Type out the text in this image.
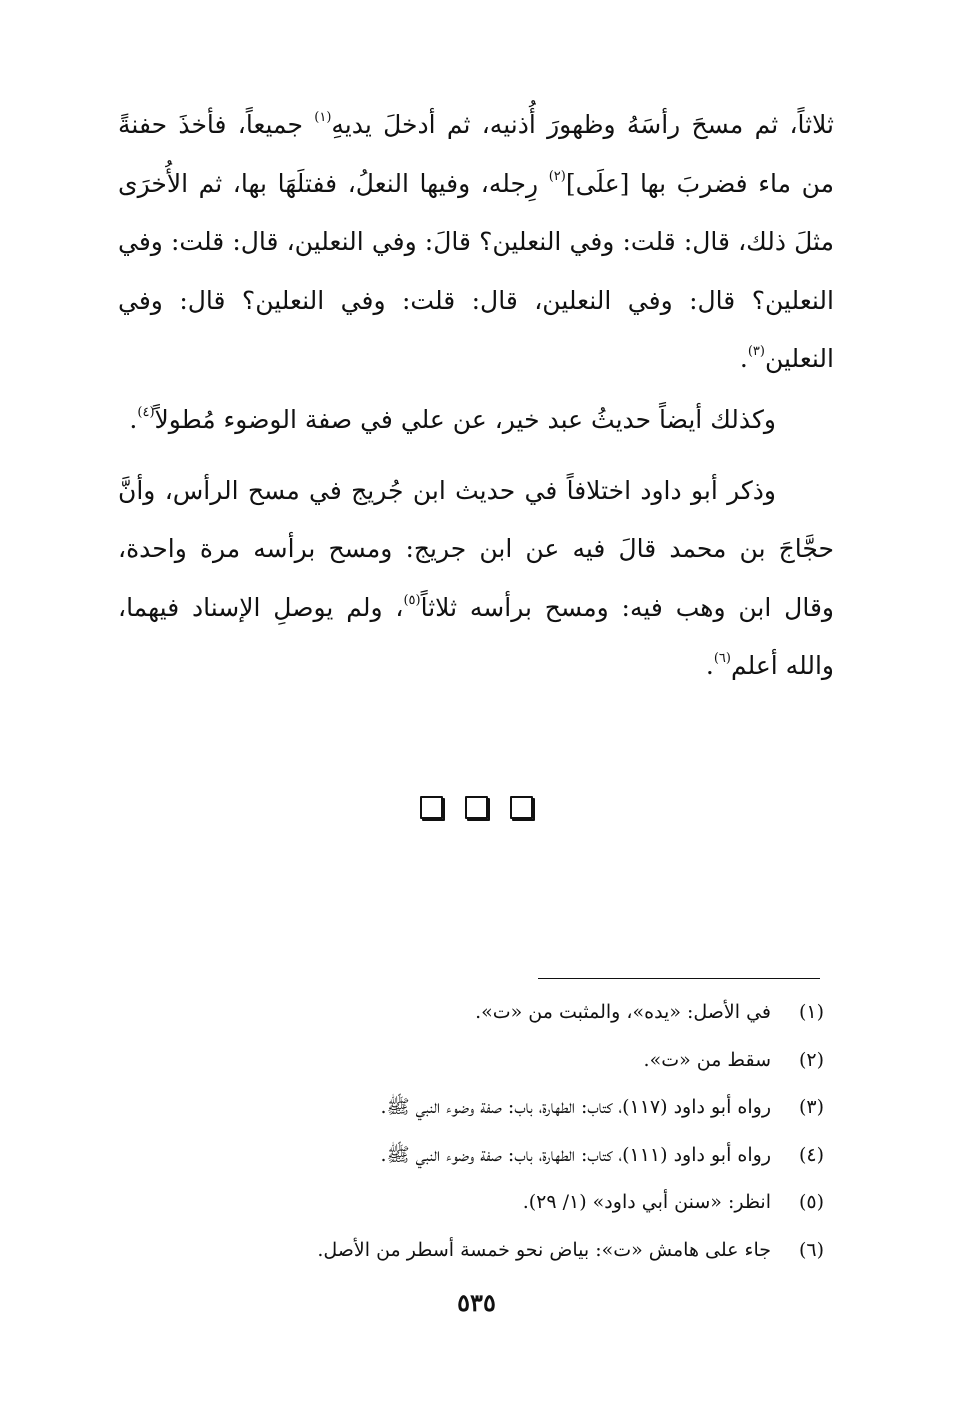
ثلاثاً، ثم مسحَ رأسَهُ وظهورَ أُذنيه، ثم أدخلَ يديهِ$^{(١)}$ جميعاً، فأخذَ حفنةً من ماء فضربَ بها [علَى]$^{(٢)}$ رِجله، وفيها النعلُ، ففتلَهَا بها، ثم الأُخرَى مثلَ ذلك، قال: قلت: وفي النعلين؟ قالَ: وفي النعلين، قال: قلت: وفي النعلين؟ قال: وفي النعلين، قال: قلت: وفي النعلين؟ قال: وفي النعلين$^{(٣)}$.

وكذلك أيضاً حديثُ عبد خير، عن علي في صفة الوضوء مُطولاً$^{(٤)}$.

وذكر أبو داود اختلافاً في حديث ابن جُريج في مسح الرأس، وأنَّ حجَّاجَ بن محمد قالَ فيه عن ابن جريج: ومسح برأسه مرة واحدة، وقال ابن وهب فيه: ومسح برأسه ثلاثاً$^{(٥)}$، ولم يوصلِ الإسناد فيهما، والله أعلم$^{(٦)}$.

(١)
في الأصل: «يده»، والمثبت من «ت».
(٢)
سقط من «ت».
(٣)
رواه أبو داود (١١٧)، كتاب: الطهارة، باب: صفة وضوء النبي ﷺ.
(٤)
رواه أبو داود (١١١)، كتاب: الطهارة، باب: صفة وضوء النبي ﷺ.
(٥)
انظر: «سنن أبي داود» (١/ ٢٩).
(٦)
جاء على هامش «ت»: بياض نحو خمسة أسطر من الأصل.
٥٣٥
